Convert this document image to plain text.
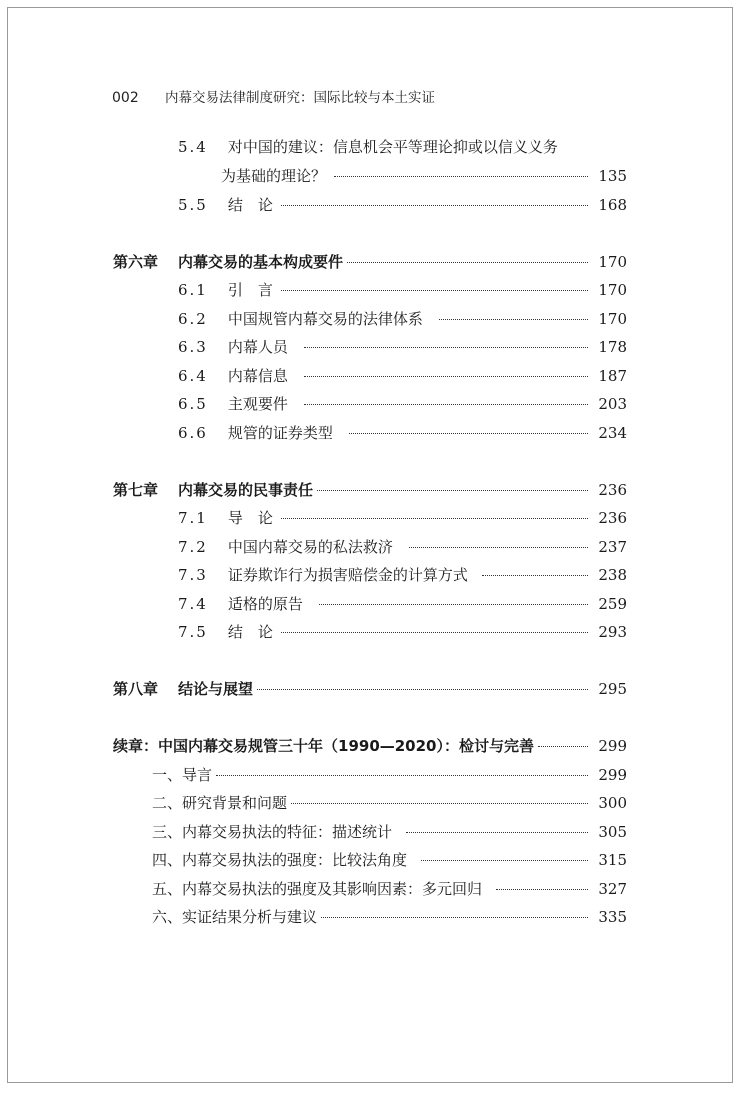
002 内幕交易法律制度研究：国际比较与本土实证
5.4 对中国的建议：信息机会平等理论抑或以信义义务
为基础的理论？	135
5.5 结　论	168
第六章 内幕交易的基本构成要件	170
6.1 引　言	170
6.2 中国规管内幕交易的法律体系	170
6.3 内幕人员	178
6.4 内幕信息	187
6.5 主观要件	203
6.6 规管的证券类型	234
第七章 内幕交易的民事责任	236
7.1 导　论	236
7.2 中国内幕交易的私法救济	237
7.3 证券欺诈行为损害赔偿金的计算方式	238
7.4 适格的原告	259
7.5 结　论	293
第八章 结论与展望	295
续章：中国内幕交易规管三十年（1990—2020）：检讨与完善	299
一、导言	299
二、研究背景和问题	300
三、内幕交易执法的特征：描述统计	305
四、内幕交易执法的强度：比较法角度	315
五、内幕交易执法的强度及其影响因素：多元回归	327
六、实证结果分析与建议	335
